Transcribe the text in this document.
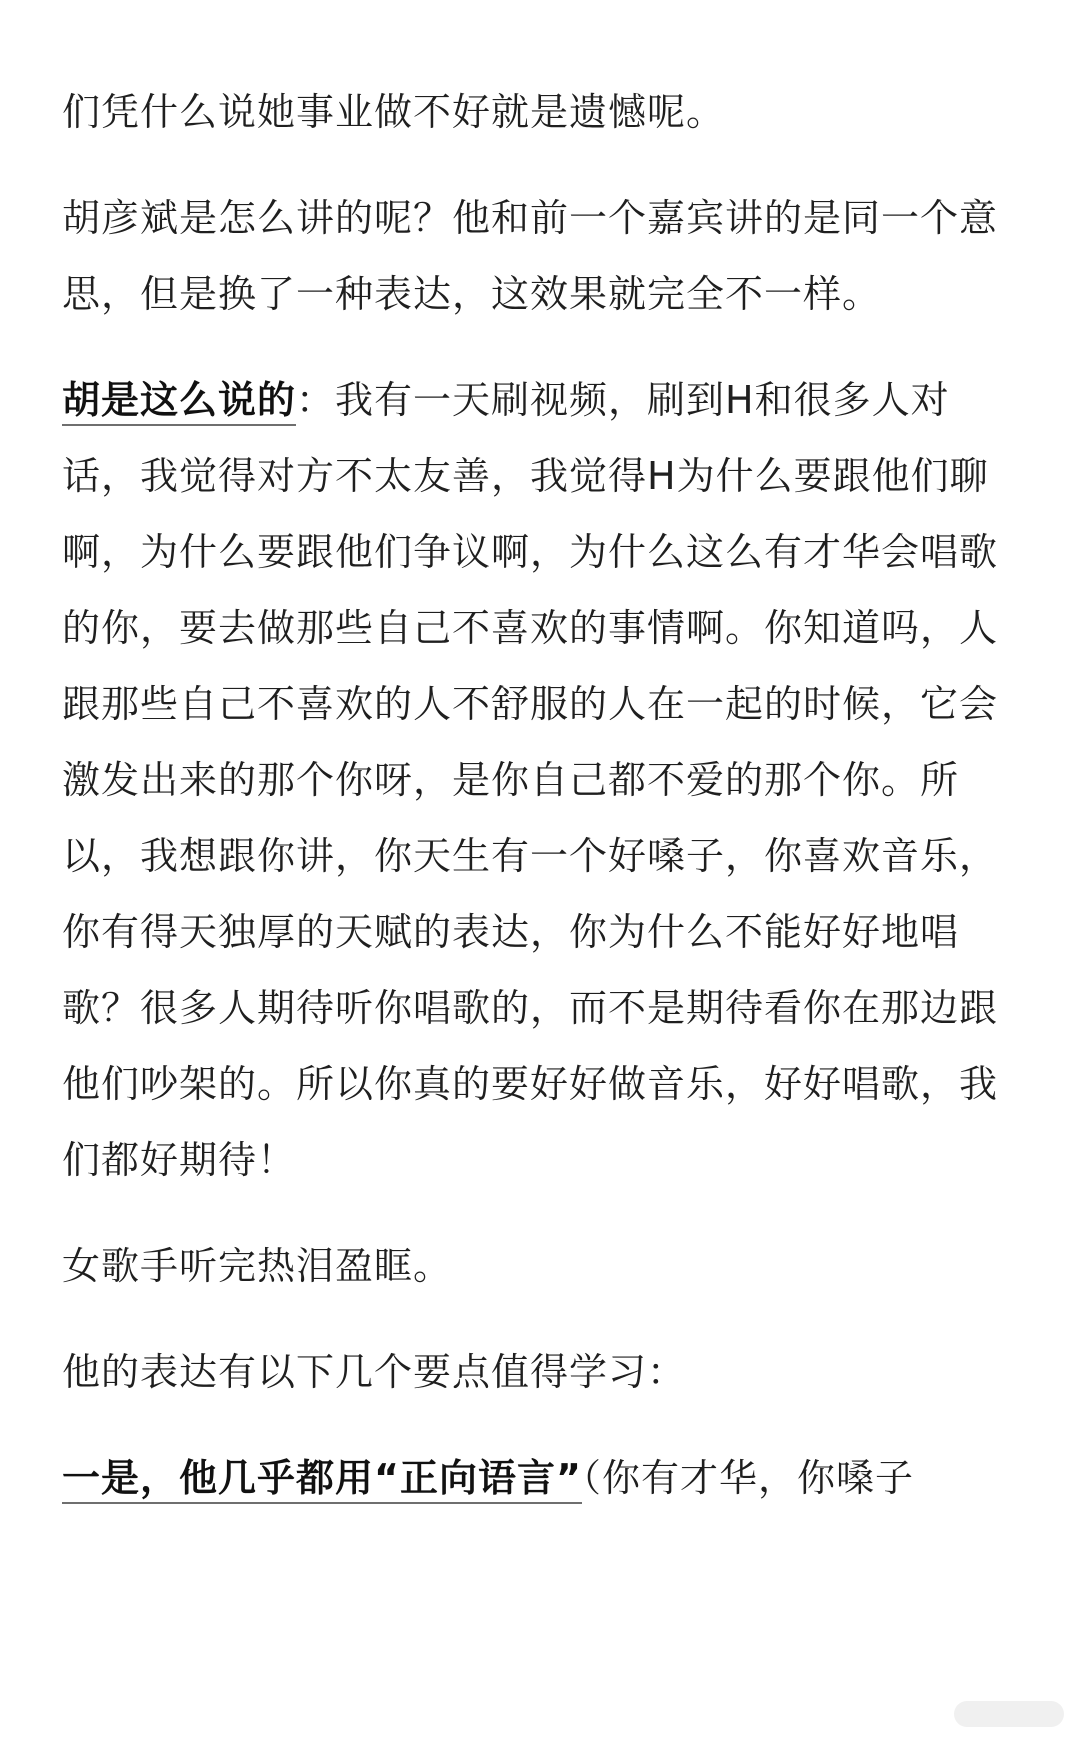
们凭什么说她事业做不好就是遗憾呢。

胡彦斌是怎么讲的呢？他和前一个嘉宾讲的是同一个意思，但是换了一种表达，这效果就完全不一样。

胡是这么说的：我有一天刷视频，刷到H和很多人对话，我觉得对方不太友善，我觉得H为什么要跟他们聊啊，为什么要跟他们争议啊，为什么这么有才华会唱歌的你，要去做那些自己不喜欢的事情啊。你知道吗，人跟那些自己不喜欢的人不舒服的人在一起的时候，它会激发出来的那个你呀，是你自己都不爱的那个你。所以，我想跟你讲，你天生有一个好嗓子，你喜欢音乐，你有得天独厚的天赋的表达，你为什么不能好好地唱歌？很多人期待听你唱歌的，而不是期待看你在那边跟他们吵架的。所以你真的要好好做音乐，好好唱歌，我们都好期待！

女歌手听完热泪盈眶。

他的表达有以下几个要点值得学习：

一是，他几乎都用“正向语言”（你有才华，你嗓子
